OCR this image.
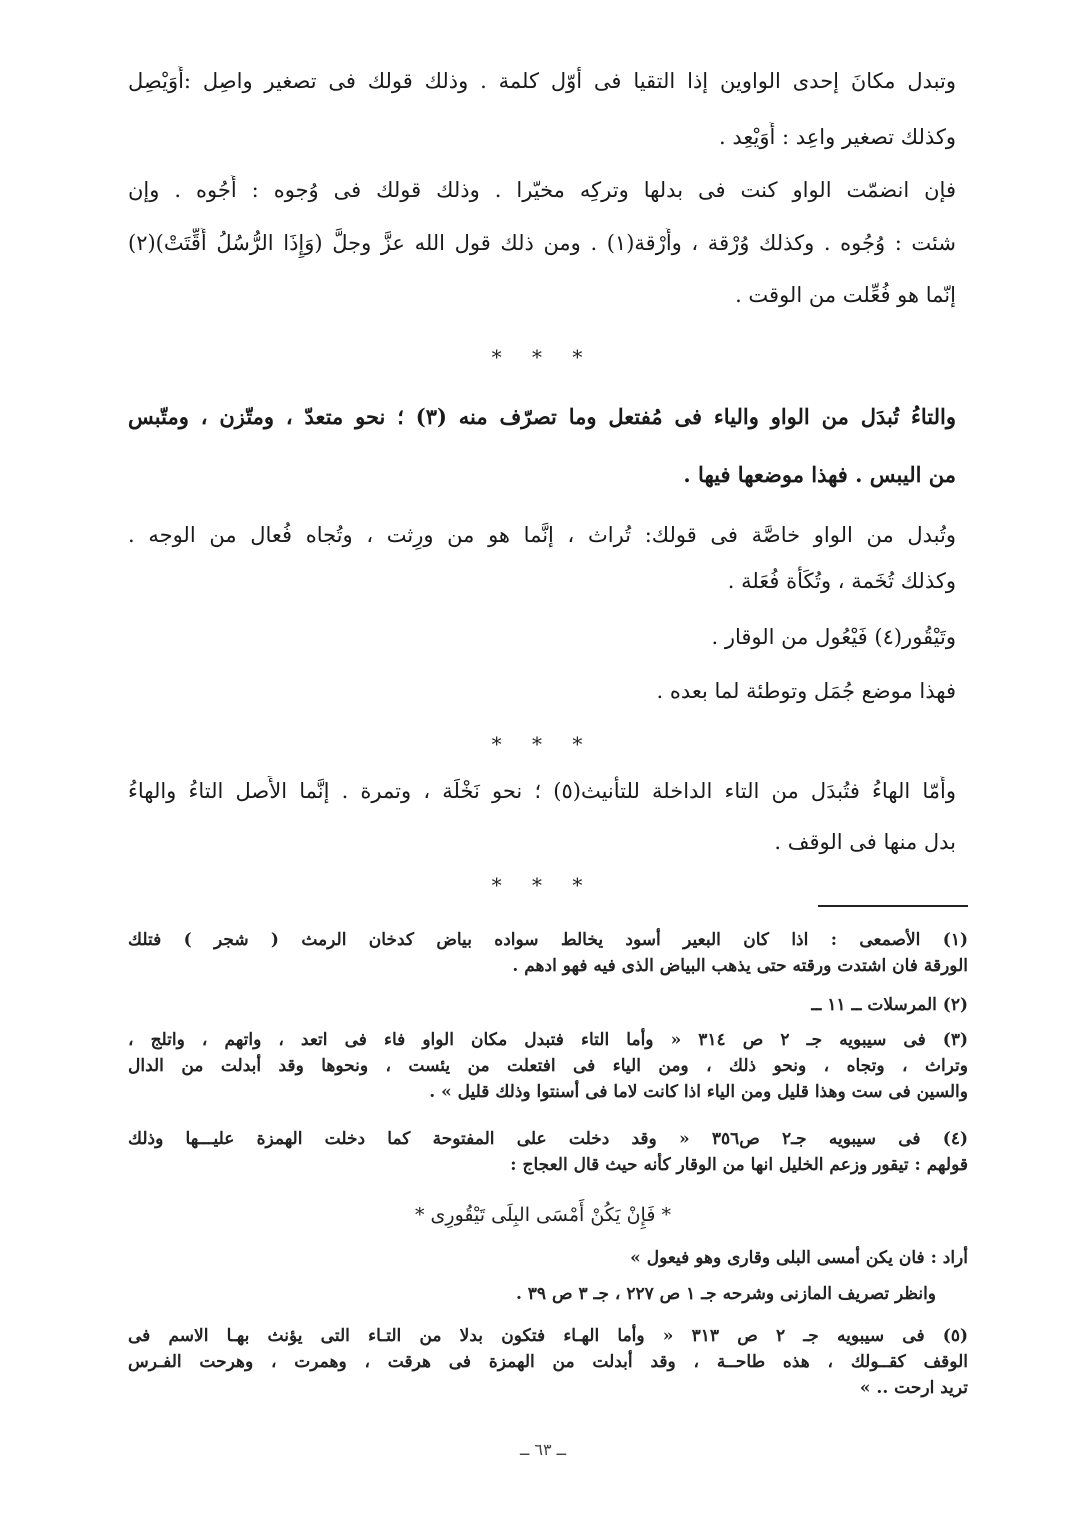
وتبدل مكانَ إحدى الواوين إذا التقيا فى أوّل كلمة . وذلك قولك فى تصغير واصِل :أُوَيْصِل
وكذلك تصغير واعِد : أُوَيْعِد .
فإن انضمّت الواو كنت فى بدلها وتركِه مخيّرا . وذلك قولك فى وُجوه : أُجُوه . وإن
شئت : وُجُوه . وكذلك وُرْقة ، وأُرْقة(١) . ومن ذلك قول الله عزَّ وجلَّ (وَإِذَا الرُّسُلُ أُقِّتَتْ)(٢)
إنّما هو فُعِّلت من الوقت .
* * *
والتاءُ تُبدَل من الواو والياء فى مُفتعل وما تصرّف منه (٣) ؛ نحو متعدّ ، ومتّزن ، ومتّبس
من اليبس . فهذا موضعها فيها .
وتُبدل من الواو خاصَّة فى قولك: تُراث ، إنَّما هو من ورِثت ، وتُجاه فُعال من الوجه .
وكذلك تُخَمة ، وتُكَأَة فُعَلة .
وتَيْقُور(٤) فَيْعُول من الوقار .
فهذا موضع جُمَل وتوطئة لما بعده .
* * *
وأَمّا الهاءُ فتُبدَل من التاء الداخلة للتأْنيث(٥) ؛ نحو نَخْلَة ، وتمرة . إنَّما الأَصل التاءُ والهاءُ
بدل منها فى الوقف .
* * *
(١) الأصمعى : اذا كان البعير أسود يخالط سواده بياض كدخان الرمث ( شجر ) فتلك
الورقة فان اشتدت ورقته حتى يذهب البياض الذى فيه فهو ادهم .
(٢) المرسلات ــ ١١ ــ
(٣) فى سيبويه جـ ٢ ص ٣١٤ « وأما التاء فتبدل مكان الواو فاء فى اتعد ، واتهم ، واتلج ،
وتراث ، وتجاه ، ونحو ذلك ، ومن الياء فى افتعلت من يئست ، ونحوها وقد أبدلت من الدال
والسين فى ست وهذا قليل ومن الياء اذا كانت لاما فى أسنتوا وذلك قليل » .
(٤) فى سيبويه جـ٢ ص٣٥٦ « وقد دخلت على المفتوحة كما دخلت الهمزة عليـــها وذلك
قولهم : تيقور وزعم الخليل انها من الوقار كأنه حيث قال العجاج :
* فَإِنْ يَكُنْ أَمْسَى البِلَى تَيْقُورِى *
أراد : فان يكن أمسى البلى وقارى وهو فيعول »
وانظر تصريف المازنى وشرحه جـ ١ ص ٢٢٧ ، جـ ٣ ص ٣٩ .
(٥) فى سيبويه جـ ٢ ص ٣١٣ « وأما الهـاء فتكون بدلا من التـاء التى يؤنث بهـا الاسم فى
الوقف كقــولك ، هذه طاحــة ، وقد أبدلت من الهمزة فى هرقت ، وهمرت ، وهرحت الفـرس
تريد ارحت .. »
ــ ٦٣ ــ
